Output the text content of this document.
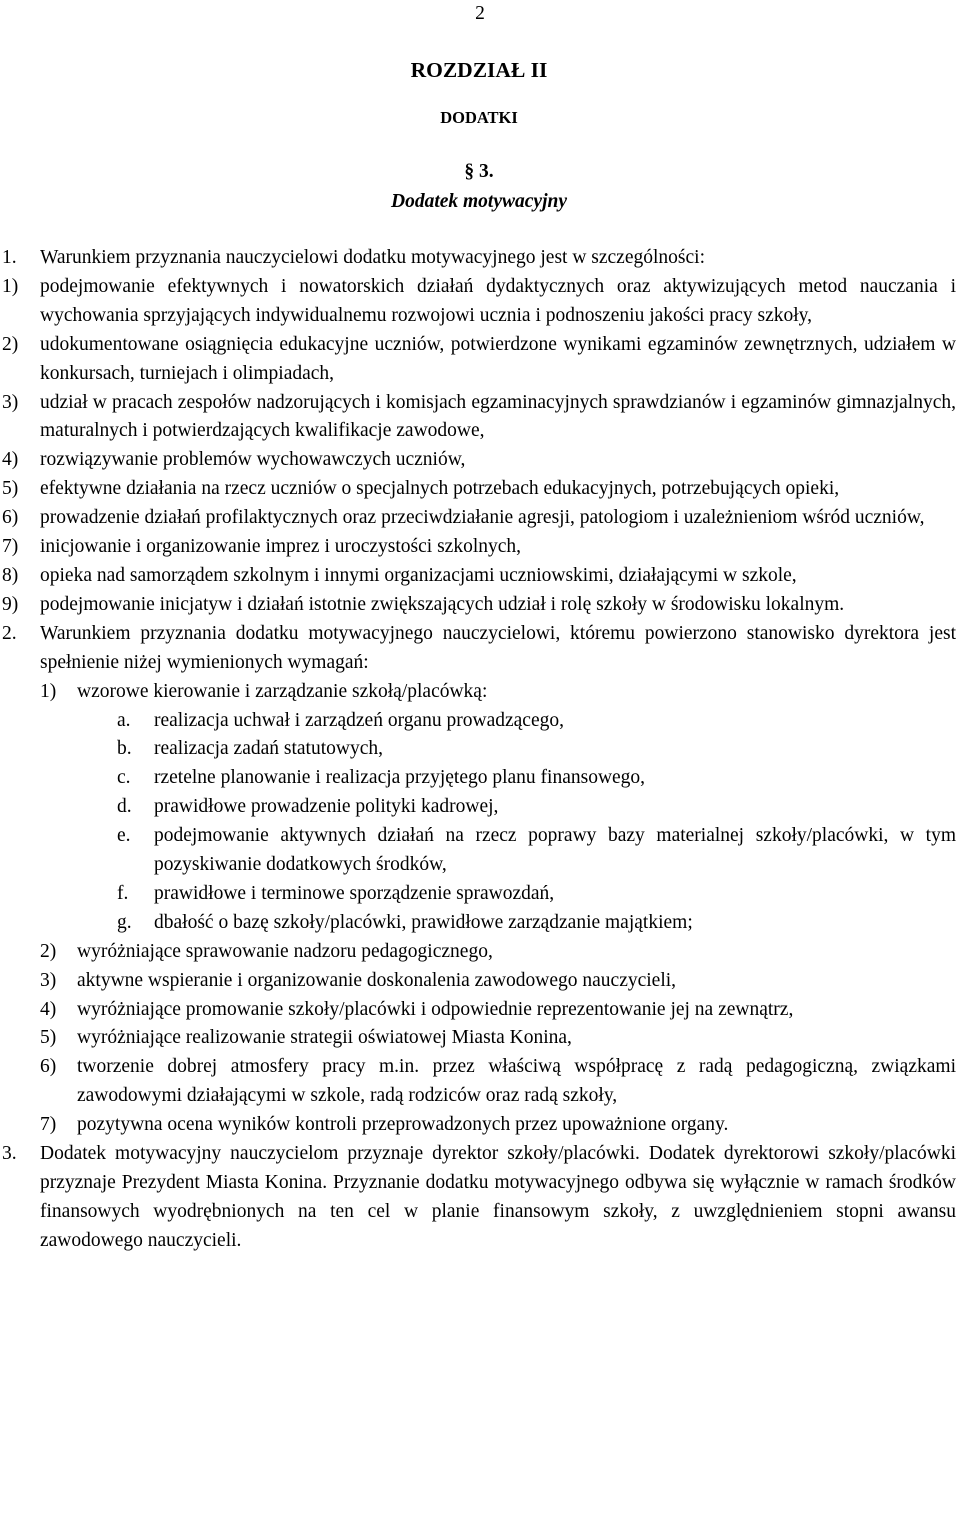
2
ROZDZIAŁ II
DODATKI
§ 3.
Dodatek motywacyjny
1. Warunkiem przyznania nauczycielowi dodatku motywacyjnego jest w szczególności:
1) podejmowanie efektywnych i nowatorskich działań dydaktycznych oraz aktywizujących metod nauczania i wychowania sprzyjających indywidualnemu rozwojowi ucznia i podnoszeniu jakości pracy szkoły,
2) udokumentowane osiągnięcia edukacyjne uczniów, potwierdzone wynikami egzaminów zewnętrznych, udziałem w konkursach, turniejach i olimpiadach,
3) udział w pracach zespołów nadzorujących i komisjach egzaminacyjnych sprawdzianów i egzaminów gimnazjalnych, maturalnych i potwierdzających kwalifikacje zawodowe,
4) rozwiązywanie problemów wychowawczych uczniów,
5) efektywne działania na rzecz uczniów o specjalnych potrzebach edukacyjnych, potrzebujących opieki,
6) prowadzenie działań profilaktycznych oraz przeciwdziałanie agresji, patologiom i uzależnieniom wśród uczniów,
7) inicjowanie i organizowanie imprez i uroczystości szkolnych,
8) opieka nad samorządem szkolnym i innymi organizacjami uczniowskimi, działającymi w szkole,
9) podejmowanie inicjatyw i działań istotnie zwiększających udział i rolę szkoły w środowisku lokalnym.
2. Warunkiem przyznania dodatku motywacyjnego nauczycielowi, któremu powierzono stanowisko dyrektora jest spełnienie niżej wymienionych wymagań:
1) wzorowe kierowanie i zarządzanie szkołą/placówką:
a. realizacja uchwał i zarządzeń organu prowadzącego,
b. realizacja zadań statutowych,
c. rzetelne planowanie i realizacja przyjętego planu finansowego,
d. prawidłowe prowadzenie polityki kadrowej,
e. podejmowanie aktywnych działań na rzecz poprawy bazy materialnej szkoły/placówki, w tym pozyskiwanie dodatkowych środków,
f. prawidłowe i terminowe sporządzenie sprawozdań,
g. dbałość o bazę szkoły/placówki, prawidłowe zarządzanie majątkiem;
2) wyróżniające sprawowanie nadzoru pedagogicznego,
3) aktywne wspieranie i organizowanie doskonalenia zawodowego nauczycieli,
4) wyróżniające promowanie szkoły/placówki i odpowiednie reprezentowanie jej na zewnątrz,
5) wyróżniające realizowanie strategii oświatowej Miasta Konina,
6) tworzenie dobrej atmosfery pracy m.in. przez właściwą współpracę z radą pedagogiczną, związkami zawodowymi działającymi w szkole, radą rodziców oraz radą szkoły,
7) pozytywna ocena wyników kontroli przeprowadzonych przez upoważnione organy.
3. Dodatek motywacyjny nauczycielom przyznaje dyrektor szkoły/placówki. Dodatek dyrektorowi szkoły/placówki przyznaje Prezydent Miasta Konina. Przyznanie dodatku motywacyjnego odbywa się wyłącznie w ramach środków finansowych wyodrębnionych na ten cel w planie finansowym szkoły, z uwzględnieniem stopni awansu zawodowego nauczycieli.
